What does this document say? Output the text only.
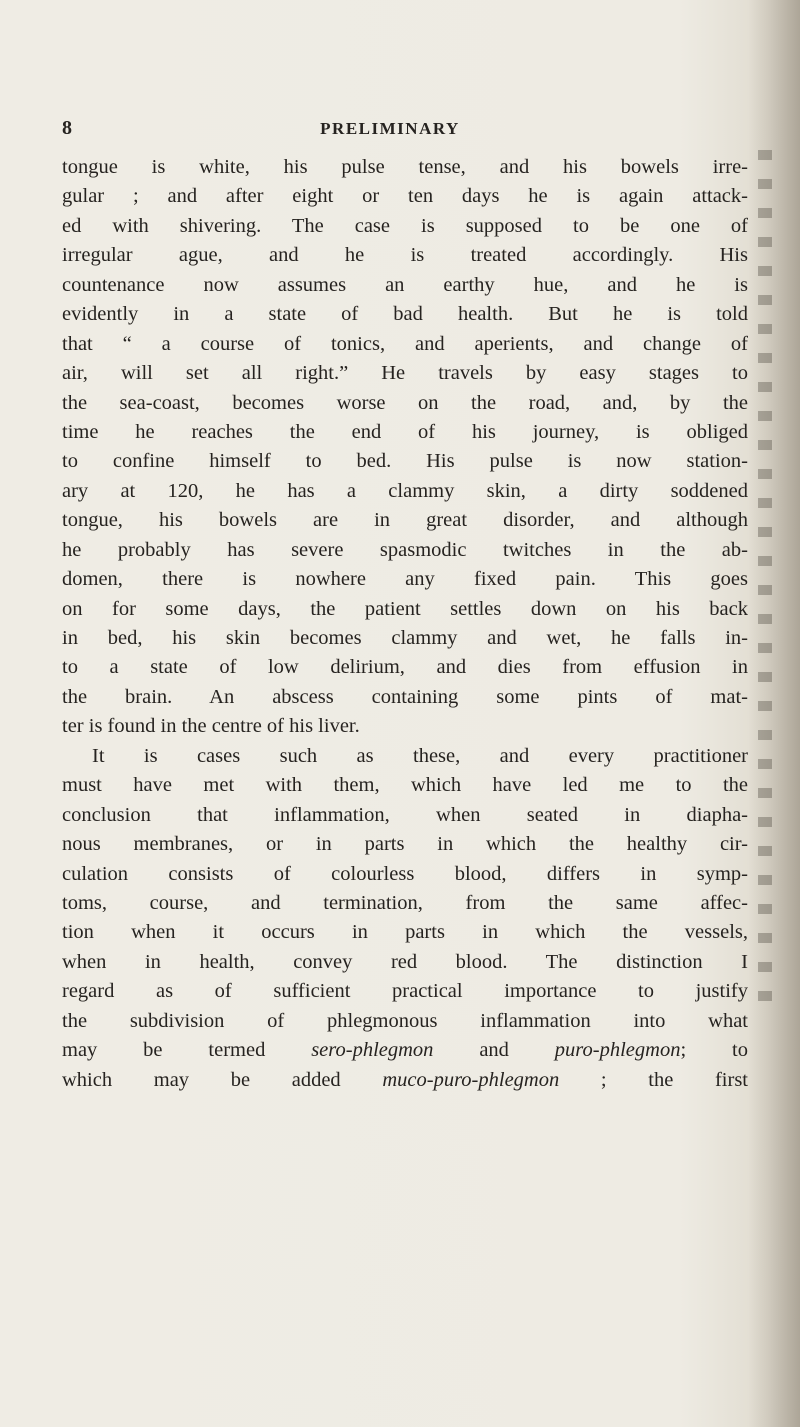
8	PRELIMINARY
tongue is white, his pulse tense, and his bowels irre-
gular ; and after eight or ten days he is again attack-
ed with shivering. The case is supposed to be one of
irregular ague, and he is treated accordingly. His
countenance now assumes an earthy hue, and he is
evidently in a state of bad health. But he is told
that “ a course of tonics, and aperients, and change of
air, will set all right.” He travels by easy stages to
the sea-coast, becomes worse on the road, and, by the
time he reaches the end of his journey, is obliged
to confine himself to bed. His pulse is now station-
ary at 120, he has a clammy skin, a dirty soddened
tongue, his bowels are in great disorder, and although
he probably has severe spasmodic twitches in the ab-
domen, there is nowhere any fixed pain. This goes
on for some days, the patient settles down on his back
in bed, his skin becomes clammy and wet, he falls in-
to a state of low delirium, and dies from effusion in
the brain. An abscess containing some pints of mat-
ter is found in the centre of his liver.
It is cases such as these, and every practitioner
must have met with them, which have led me to the
conclusion that inflammation, when seated in diapha-
nous membranes, or in parts in which the healthy cir-
culation consists of colourless blood, differs in symp-
toms, course, and termination, from the same affec-
tion when it occurs in parts in which the vessels,
when in health, convey red blood. The distinction I
regard as of sufficient practical importance to justify
the subdivision of phlegmonous inflammation into what
may be termed sero-phlegmon and puro-phlegmon; to
which may be added muco-puro-phlegmon ; the first
